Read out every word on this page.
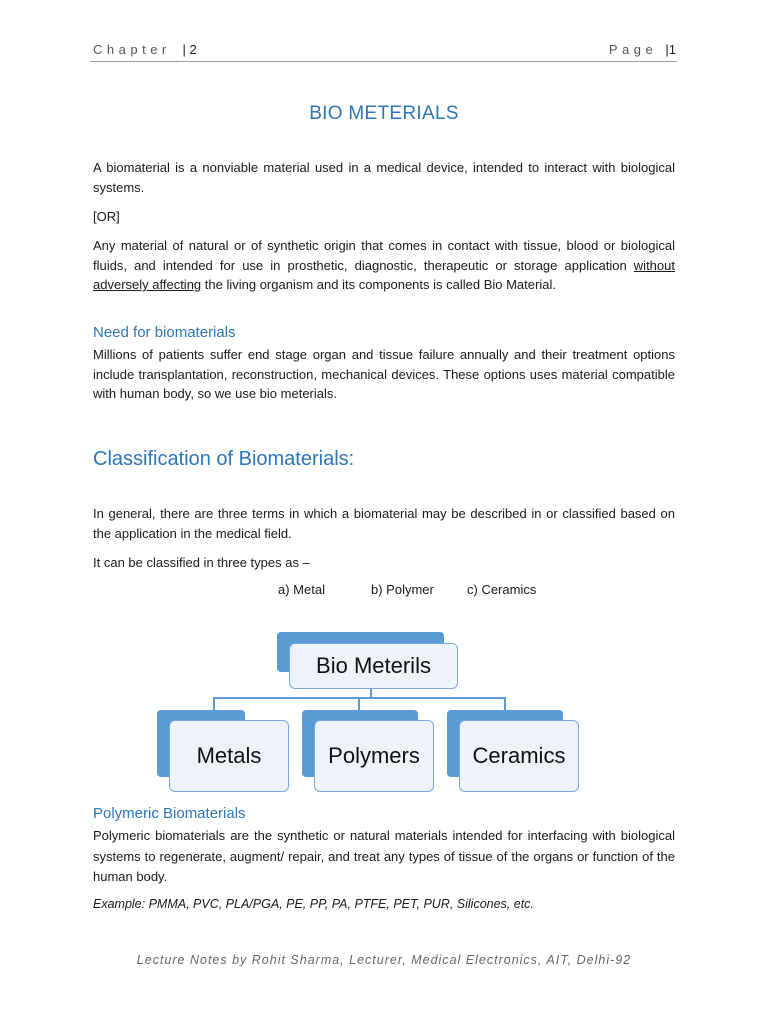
Chapter  | 2	Page |1
BIO METERIALS
A biomaterial is a nonviable material used in a medical device, intended to interact with biological systems.
[OR]
Any material of natural or of synthetic origin that comes in contact with tissue, blood or biological fluids, and intended for use in prosthetic, diagnostic, therapeutic or storage application without adversely affecting the living organism and its components is called Bio Material.
Need for biomaterials
Millions of patients suffer end stage organ and tissue failure annually and their treatment options include transplantation, reconstruction, mechanical devices. These options uses material compatible with human body, so we use bio meterials.
Classification of Biomaterials:
In general, there are three terms in which a biomaterial may be described in or classified based on the application in the medical field.
It can be classified in three types as –
a) Metal	b) Polymer	c) Ceramics
Bio Meterils
Metals	Polymers	Ceramics
Polymeric Biomaterials
Polymeric biomaterials are the synthetic or natural materials intended for interfacing with biological systems to regenerate, augment/ repair, and treat any types of tissue of the organs or function of the human body.
Example: PMMA, PVC, PLA/PGA, PE, PP, PA, PTFE, PET, PUR, Silicones, etc.
Lecture Notes by Rohit Sharma, Lecturer, Medical Electronics, AIT, Delhi-92
